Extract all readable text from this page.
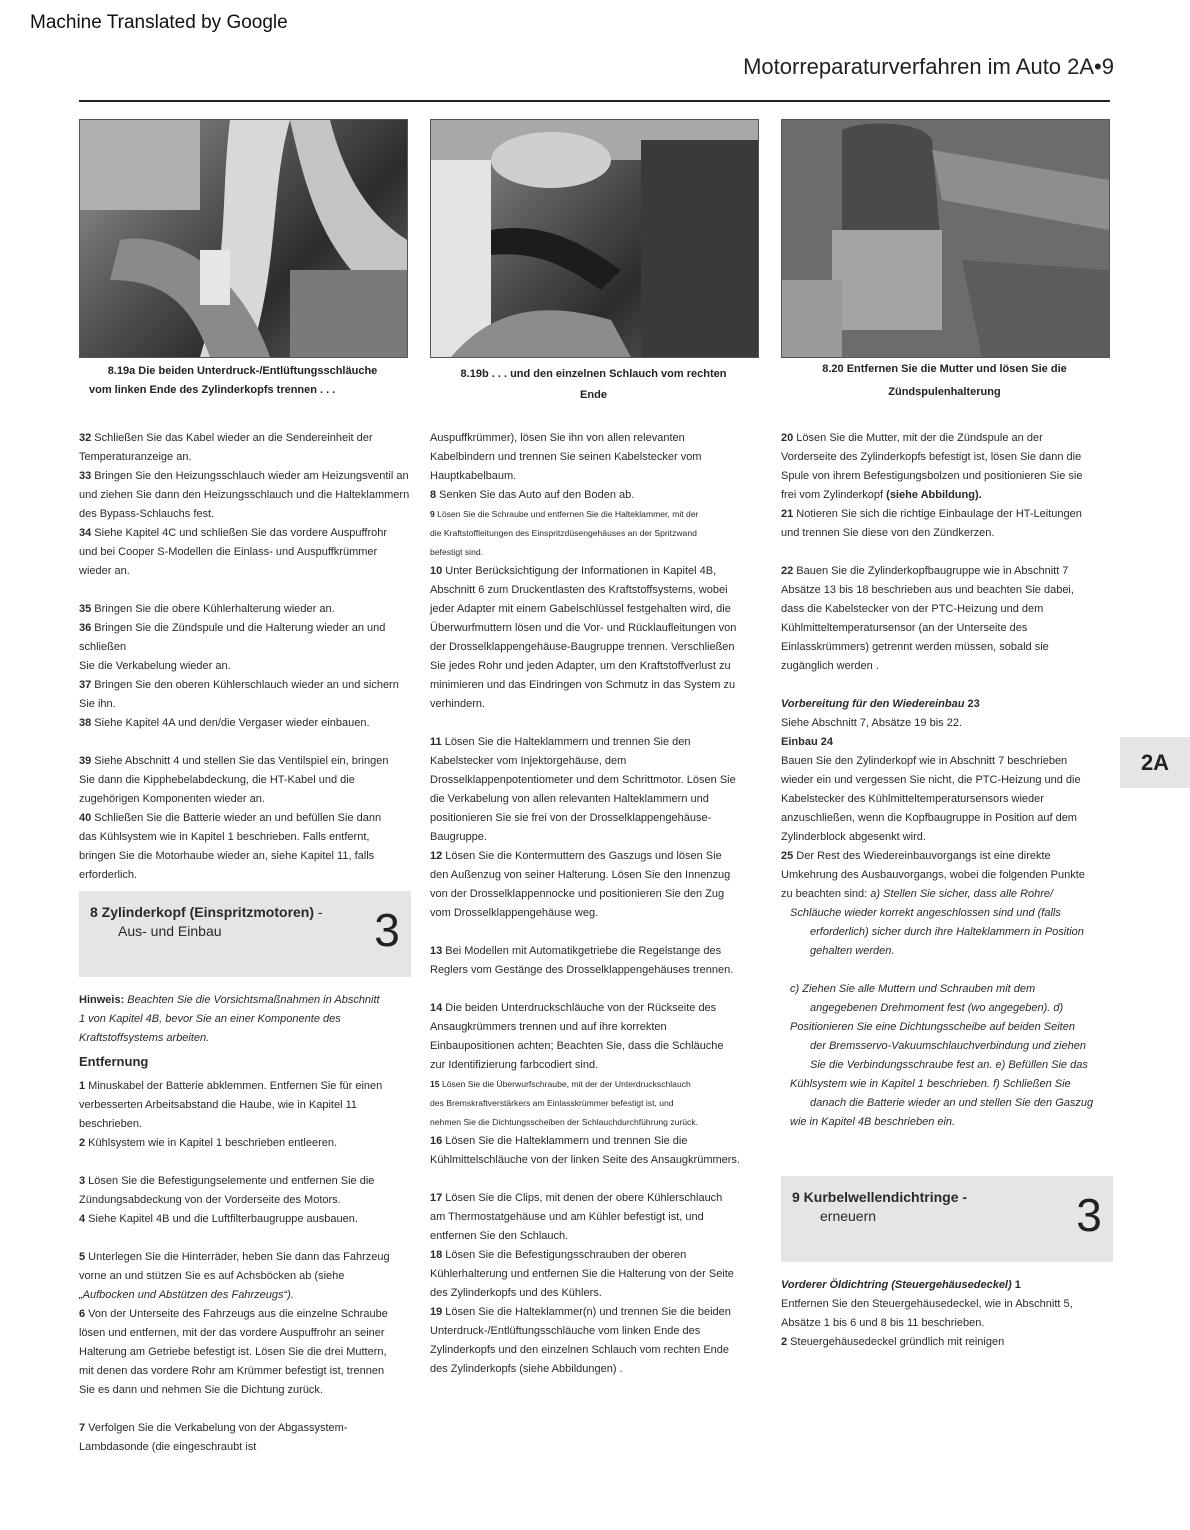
Machine Translated by Google
Motorreparaturverfahren im Auto 2A•9
8.19a Die beiden Unterdruck-/Entlüftungsschläuche
vom linken Ende des Zylinderkopfs trennen . . .
8.19b . . . und den einzelnen Schlauch vom rechten
Ende
8.20 Entfernen Sie die Mutter und lösen Sie die
Zündspulenhalterung

32 Schließen Sie das Kabel wieder an die Sendereinheit der

Temperaturanzeige an.

33 Bringen Sie den Heizungsschlauch wieder am Heizungsventil an

und ziehen Sie dann den Heizungsschlauch und die Halteklammern

des Bypass-Schlauchs fest.

34 Siehe Kapitel 4C und schließen Sie das vordere Auspuffrohr

und bei Cooper S-Modellen die Einlass- und Auspuffkrümmer

wieder an.

35 Bringen Sie die obere Kühlerhalterung wieder an.

36 Bringen Sie die Zündspule und die Halterung wieder an und schließen

Sie die Verkabelung wieder an.

37 Bringen Sie den oberen Kühlerschlauch wieder an und sichern Sie ihn.

38 Siehe Kapitel 4A und den/die Vergaser wieder einbauen.

39 Siehe Abschnitt 4 und stellen Sie das Ventilspiel ein, bringen

Sie dann die Kipphebelabdeckung, die HT-Kabel und die

zugehörigen Komponenten wieder an.

40 Schließen Sie die Batterie wieder an und befüllen Sie dann

das Kühlsystem wie in Kapitel 1 beschrieben. Falls entfernt,

bringen Sie die Motorhaube wieder an, siehe Kapitel 11, falls

erforderlich.

8 Zylinderkopf (Einspritzmotoren) -
Aus- und Einbau	3

Hinweis: Beachten Sie die Vorsichtsmaßnahmen in Abschnitt

1 von Kapitel 4B, bevor Sie an einer Komponente des

Kraftstoffsystems arbeiten.

Entfernung

1 Minuskabel der Batterie abklemmen. Entfernen Sie für einen

verbesserten Arbeitsabstand die Haube, wie in Kapitel 11

beschrieben.

2 Kühlsystem wie in Kapitel 1 beschrieben entleeren.

3 Lösen Sie die Befestigungselemente und entfernen Sie die

Zündungsabdeckung von der Vorderseite des Motors.

4 Siehe Kapitel 4B und die Luftfilterbaugruppe ausbauen.

5 Unterlegen Sie die Hinterräder, heben Sie dann das Fahrzeug

vorne an und stützen Sie es auf Achsböcken ab (siehe

„Aufbocken und Abstützen des Fahrzeugs“).

6 Von der Unterseite des Fahrzeugs aus die einzelne Schraube

lösen und entfernen, mit der das vordere Auspuffrohr an seiner

Halterung am Getriebe befestigt ist. Lösen Sie die drei Muttern,

mit denen das vordere Rohr am Krümmer befestigt ist, trennen

Sie es dann und nehmen Sie die Dichtung zurück.

7 Verfolgen Sie die Verkabelung von der Abgassystem-

Lambdasonde (die eingeschraubt ist

Auspuffkrümmer), lösen Sie ihn von allen relevanten

Kabelbindern und trennen Sie seinen Kabelstecker vom

Hauptkabelbaum.

8 Senken Sie das Auto auf den Boden ab.

9 Lösen Sie die Schraube und entfernen Sie die Halteklammer, mit der

die Kraftstoffleitungen des Einspritzdüsengehäuses an der Spritzwand

befestigt sind.

10 Unter Berücksichtigung der Informationen in Kapitel 4B,

Abschnitt 6 zum Druckentlasten des Kraftstoffsystems, wobei

jeder Adapter mit einem Gabelschlüssel festgehalten wird, die

Überwurfmuttern lösen und die Vor- und Rücklaufleitungen von

der Drosselklappengehäuse-Baugruppe trennen. Verschließen

Sie jedes Rohr und jeden Adapter, um den Kraftstoffverlust zu

minimieren und das Eindringen von Schmutz in das System zu

verhindern.

11 Lösen Sie die Halteklammern und trennen Sie den

Kabelstecker vom Injektorgehäuse, dem

Drosselklappenpotentiometer und dem Schrittmotor. Lösen Sie

die Verkabelung von allen relevanten Halteklammern und

positionieren Sie sie frei von der Drosselklappengehäuse-

Baugruppe.

12 Lösen Sie die Kontermuttern des Gaszugs und lösen Sie

den Außenzug von seiner Halterung. Lösen Sie den Innenzug

von der Drosselklappennocke und positionieren Sie den Zug

vom Drosselklappengehäuse weg.

13 Bei Modellen mit Automatikgetriebe die Regelstange des

Reglers vom Gestänge des Drosselklappengehäuses trennen.

14 Die beiden Unterdruckschläuche von der Rückseite des

Ansaugkrümmers trennen und auf ihre korrekten

Einbaupositionen achten; Beachten Sie, dass die Schläuche

zur Identifizierung farbcodiert sind.

15 Lösen Sie die Überwurfschraube, mit der der Unterdruckschlauch

des Bremskraftverstärkers am Einlasskrümmer befestigt ist, und

nehmen Sie die Dichtungsscheiben der Schlauchdurchführung zurück.

16 Lösen Sie die Halteklammern und trennen Sie die

Kühlmittelschläuche von der linken Seite des Ansaugkrümmers.

17 Lösen Sie die Clips, mit denen der obere Kühlerschlauch

am Thermostatgehäuse und am Kühler befestigt ist, und

entfernen Sie den Schlauch.

18 Lösen Sie die Befestigungsschrauben der oberen

Kühlerhalterung und entfernen Sie die Halterung von der Seite

des Zylinderkopfs und des Kühlers.

19 Lösen Sie die Halteklammer(n) und trennen Sie die beiden

Unterdruck-/Entlüftungsschläuche vom linken Ende des

Zylinderkopfs und den einzelnen Schlauch vom rechten Ende

des Zylinderkopfs (siehe Abbildungen) .

20 Lösen Sie die Mutter, mit der die Zündspule an der

Vorderseite des Zylinderkopfs befestigt ist, lösen Sie dann die

Spule von ihrem Befestigungsbolzen und positionieren Sie sie

frei vom Zylinderkopf (siehe Abbildung).

21 Notieren Sie sich die richtige Einbaulage der HT-Leitungen

und trennen Sie diese von den Zündkerzen.

22 Bauen Sie die Zylinderkopfbaugruppe wie in Abschnitt 7

Absätze 13 bis 18 beschrieben aus und beachten Sie dabei,

dass die Kabelstecker von der PTC-Heizung und dem

Kühlmitteltemperatursensor (an der Unterseite des

Einlasskrümmers) getrennt werden müssen, sobald sie

zugänglich werden .

Vorbereitung für den Wiedereinbau 23

Siehe Abschnitt 7, Absätze 19 bis 22.

Einbau 24

Bauen Sie den Zylinderkopf wie in Abschnitt 7 beschrieben

wieder ein und vergessen Sie nicht, die PTC-Heizung und die

Kabelstecker des Kühlmitteltemperatursensors wieder

anzuschließen, wenn die Kopfbaugruppe in Position auf dem

Zylinderblock abgesenkt wird.

25 Der Rest des Wiedereinbauvorgangs ist eine direkte

Umkehrung des Ausbauvorgangs, wobei die folgenden Punkte

zu beachten sind: a) Stellen Sie sicher, dass alle Rohre/

Schläuche wieder korrekt angeschlossen sind und (falls

erforderlich) sicher durch ihre Halteklammern in Position

gehalten werden.

c) Ziehen Sie alle Muttern und Schrauben mit dem

angegebenen Drehmoment fest (wo angegeben). d)

Positionieren Sie eine Dichtungsscheibe auf beiden Seiten

der Bremsservo-Vakuumschlauchverbindung und ziehen

Sie die Verbindungsschraube fest an. e) Befüllen Sie das

Kühlsystem wie in Kapitel 1 beschrieben. f) Schließen Sie

danach die Batterie wieder an und stellen Sie den Gaszug

wie in Kapitel 4B beschrieben ein.

9 Kurbelwellendichtringe -
erneuern	3

Vorderer Öldichtring (Steuergehäusedeckel) 1

Entfernen Sie den Steuergehäusedeckel, wie in Abschnitt 5,

Absätze 1 bis 6 und 8 bis 11 beschrieben.

2 Steuergehäusedeckel gründlich mit reinigen

2A
